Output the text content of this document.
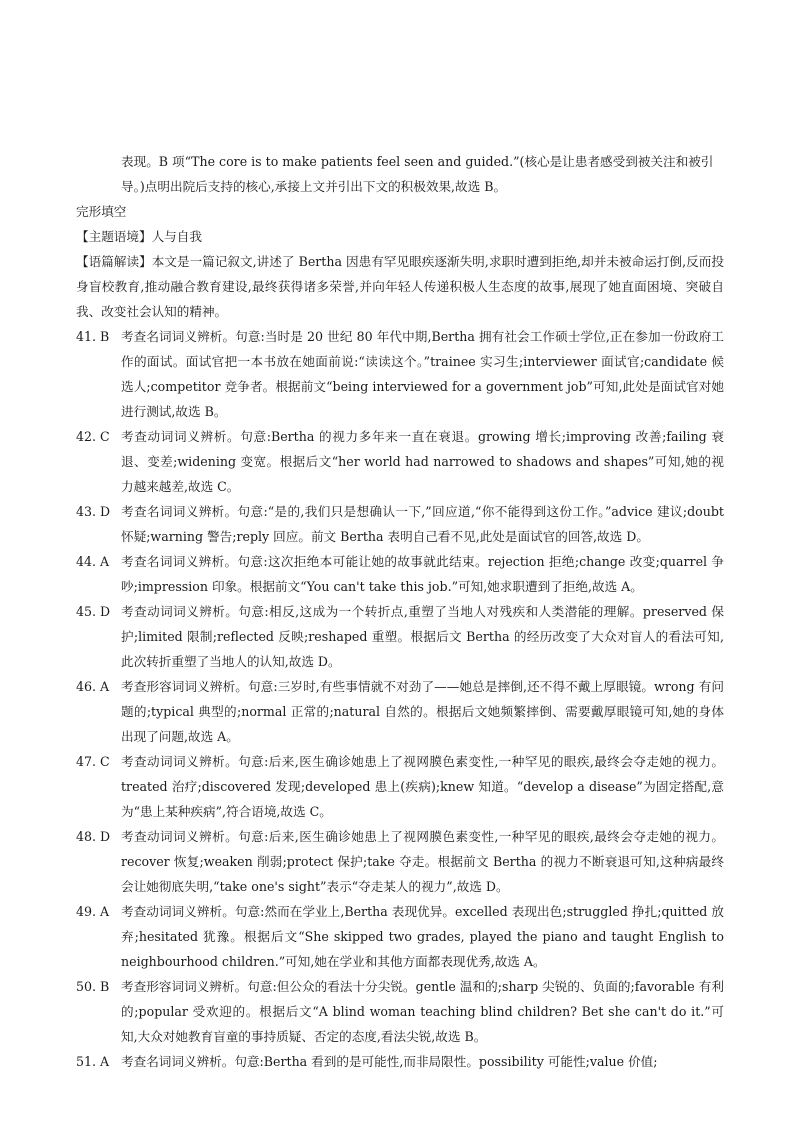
表现。B 项“The core is to make patients feel seen and guided.”(核心是让患者感受到被关注和被引

导。)点明出院后支持的核心,承接上文并引出下文的积极效果,故选 B。

完形填空

【主题语境】人与自我

【语篇解读】本文是一篇记叙文,讲述了 Bertha 因患有罕见眼疾逐渐失明,求职时遭到拒绝,却并未被命运打倒,反而投身盲校教育,推动融合教育建设,最终获得诸多荣誉,并向年轻人传递积极人生态度的故事,展现了她直面困境、突破自我、改变社会认知的精神。

41. B 考查名词词义辨析。句意:当时是 20 世纪 80 年代中期,Bertha 拥有社会工作硕士学位,正在参加一份政府工作的面试。面试官把一本书放在她面前说:“读读这个。”trainee 实习生;interviewer 面试官;candidate 候选人;competitor 竞争者。根据前文“being interviewed for a government job”可知,此处是面试官对她进行测试,故选 B。
42. C 考查动词词义辨析。句意:Bertha 的视力多年来一直在衰退。growing 增长;improving 改善;failing 衰退、变差;widening 变宽。根据后文“her world had narrowed to shadows and shapes”可知,她的视力越来越差,故选 C。
43. D 考查名词词义辨析。句意:“是的,我们只是想确认一下,”回应道,“你不能得到这份工作。”advice 建议;doubt 怀疑;warning 警告;reply 回应。前文 Bertha 表明自己看不见,此处是面试官的回答,故选 D。
44. A 考查名词词义辨析。句意:这次拒绝本可能让她的故事就此结束。rejection 拒绝;change 改变;quarrel 争吵;impression 印象。根据前文“You can't take this job.”可知,她求职遭到了拒绝,故选 A。
45. D 考查动词词义辨析。句意:相反,这成为一个转折点,重塑了当地人对残疾和人类潜能的理解。preserved 保护;limited 限制;reflected 反映;reshaped 重塑。根据后文 Bertha 的经历改变了大众对盲人的看法可知,此次转折重塑了当地人的认知,故选 D。
46. A 考查形容词词义辨析。句意:三岁时,有些事情就不对劲了——她总是摔倒,还不得不戴上厚眼镜。wrong 有问题的;typical 典型的;normal 正常的;natural 自然的。根据后文她频繁摔倒、需要戴厚眼镜可知,她的身体出现了问题,故选 A。
47. C 考查动词词义辨析。句意:后来,医生确诊她患上了视网膜色素变性,一种罕见的眼疾,最终会夺走她的视力。treated 治疗;discovered 发现;developed 患上(疾病);knew 知道。“develop a disease”为固定搭配,意为“患上某种疾病”,符合语境,故选 C。
48. D 考查动词词义辨析。句意:后来,医生确诊她患上了视网膜色素变性,一种罕见的眼疾,最终会夺走她的视力。recover 恢复;weaken 削弱;protect 保护;take 夺走。根据前文 Bertha 的视力不断衰退可知,这种病最终会让她彻底失明,“take one's sight”表示“夺走某人的视力”,故选 D。
49. A 考查动词词义辨析。句意:然而在学业上,Bertha 表现优异。excelled 表现出色;struggled 挣扎;quitted 放弃;hesitated 犹豫。根据后文“She skipped two grades, played the piano and taught English to neighbourhood children.”可知,她在学业和其他方面都表现优秀,故选 A。
50. B 考查形容词词义辨析。句意:但公众的看法十分尖锐。gentle 温和的;sharp 尖锐的、负面的;favorable 有利的;popular 受欢迎的。根据后文“A blind woman teaching blind children? Bet she can't do it.”可知,大众对她教育盲童的事持质疑、否定的态度,看法尖锐,故选 B。
51. A 考查名词词义辨析。句意:Bertha 看到的是可能性,而非局限性。possibility 可能性;value 价值;
